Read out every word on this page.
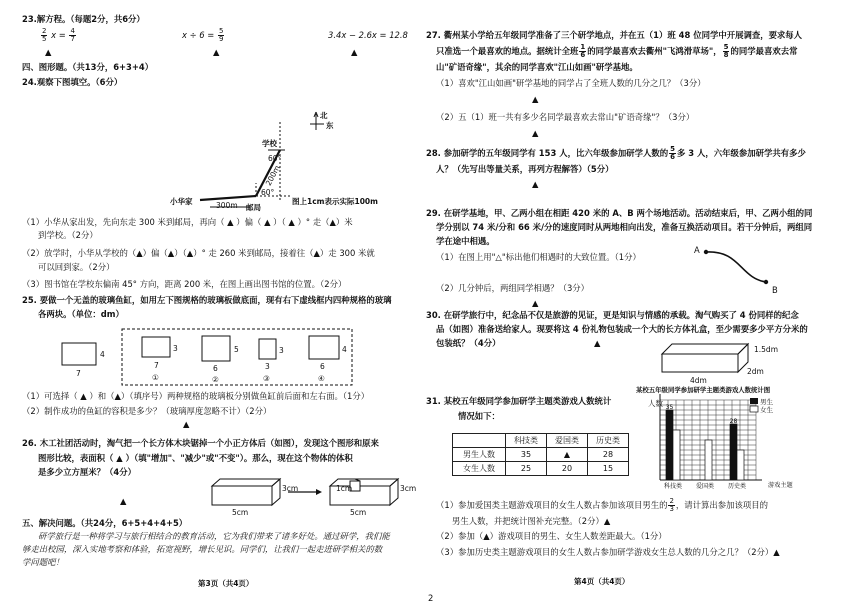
23.解方程。（每题2分，共6分）
$\frac{2}{5}$ $x = \frac{4}{7}$	$x \div 6 = \frac{5}{9}$	3.4x − 2.6x = 12.8
▲	▲	▲
四、图形题。（共13分，6+3+4）
24.观察下图填空。（6分）
北
东
学校
60°
60°
200m
小华家
邮局
300m	图上1cm表示实际100m
（1）小华从家出发，先向东走 300 米到邮局，再向（ ▲ ）偏（ ▲ ）（ ▲ ）° 走（▲）米
到学校。（2分）
（2）放学时，小华从学校的（▲）偏（▲）（▲）° 走 260 米到邮局，接着往（▲）走 300 米就
可以回到家。（2分）
（3）图书馆在学校东偏南 45° 方向，距离 200 米，在图上画出图书馆的位置。（2分）
25. 要做一个无盖的玻璃鱼缸，如用左下图规格的玻璃板做底面，现有右下虚线框内四种规格的玻璃
各两块。（单位：dm）
4
7
3
7
①
5
6
②
3
3
③
4
6
④
（1）可选择（ ▲ ）和（▲）（填序号）两种规格的玻璃板分别做鱼缸前后面和左右面。（1分）
（2）制作成功的鱼缸的容积是多少？（玻璃厚度忽略不计）（2分）
▲
26. 木工社团活动时，淘气把一个长方体木块锯掉一个小正方体后（如图），发现这个图形和原来
图形比较，表面积（ ▲ ）（填"增加"、"减少"或"不变"）。那么，现在这个物体的体积
是多少立方厘米？（4分）
▲
3cm
5cm
3cm
5cm
1cm
五、解决问题。（共24分，6+5+4+4+5）
研学旅行是一种将学习与旅行相结合的教育活动，它为我们带来了诸多好处。通过研学，我们能
够走出校园，深入实地考察和体验，拓宽视野，增长见识。同学们，让我们一起走进研学相关的数
学问题吧！
第3页（共4页）
27. 衢州某小学给五年级同学准备了三个研学地点，并在五（1）班 48 位同学中开展调查，要求每人
只准选一个最喜欢的地点。据统计全班 $\frac{1}{6}$ 的同学最喜欢去衢州"飞鸿滑草场"， $\frac{5}{8}$ 的同学最喜欢去常
山"矿语奇缘"，其余的同学喜欢"江山如画"研学基地。
（1）喜欢"江山如画"研学基地的同学占了全班人数的几分之几？（3分）
▲
（2）五（1）班一共有多少名同学最喜欢去常山"矿语奇缘"？（3分）
▲
28. 参加研学的五年级同学有 153 人，比六年级参加研学人数的 $\frac{5}{6}$ 多 3 人，六年级参加研学共有多少
人？（先写出等量关系，再列方程解答）（5分）
▲
29. 在研学基地，甲、乙两小组在相距 420 米的 A、B 两个场地活动。活动结束后，甲、乙两小组的同
学分别以 74 米/分和 66 米/分的速度同时从两地相向出发，准备互换活动项目。若干分钟后，两组同
学在途中相遇。
（1）在图上用"△"标出他们相遇时的大致位置。（1分）
A
B
（2）几分钟后，两组同学相遇？（3分）
▲
30. 在研学旅行中，纪念品不仅是旅游的见证，更是知识与情感的承载。淘气购买了 4 份同样的纪念
品（如图）准备送给家人。现要将这 4 份礼物包装成一个大的长方体礼盒，至少需要多少平方分米的
包装纸？（4分）	▲
1.5dm
2dm
4dm
31. 某校五年级同学参加研学主题类游戏人数统计
情况如下：
	科技类	爱国类	历史类
男生人数	35	▲	28
女生人数	25	20	15
某校五年级同学参加研学主题类游戏人数统计图
人数	男生
女生
游戏主题
35
科技类 爱国类
28
历史类
（1）参加爱国类主题游戏项目的女生人数占参加该项目男生的 $\frac{2}{3}$ ，请计算出参加该项目的
男生人数，并把统计图补充完整。（2分）▲
（2）参加（▲）游戏项目的男生、女生人数差距最大。（1分）
（3）参加历史类主题游戏项目的女生人数占参加研学游戏女生总人数的几分之几？（2分）▲
第4页（共4页）
2
